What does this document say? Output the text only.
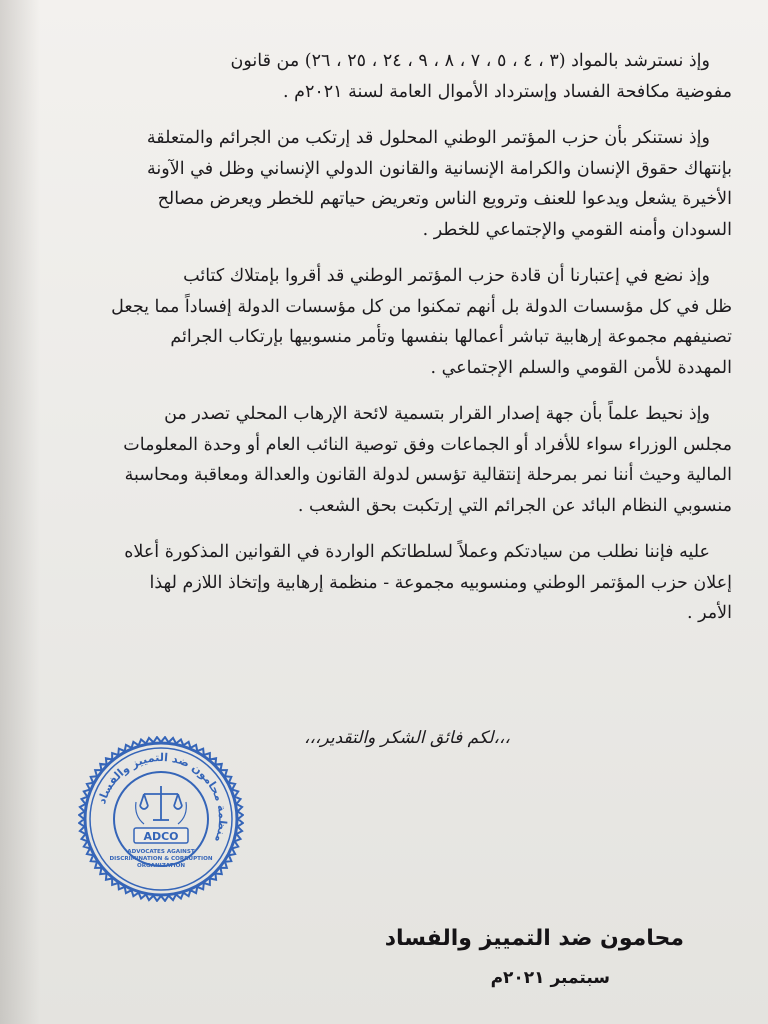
وإذ نسترشد بالمواد (٣ ، ٤ ، ٥ ، ٧ ، ٨ ، ٩ ، ٢٤ ، ٢٥ ، ٢٦) من قانون
مفوضية مكافحة الفساد وإسترداد الأموال العامة لسنة ٢٠٢١م .
وإذ نستنكر بأن حزب المؤتمر الوطني المحلول قد إرتكب من الجرائم والمتعلقة
بإنتهاك حقوق الإنسان والكرامة الإنسانية والقانون الدولي الإنساني وظل في الآونة
الأخيرة يشعل ويدعوا للعنف وترويع الناس وتعريض حياتهم للخطر ويعرض مصالح
السودان وأمنه القومي والإجتماعي للخطر .
وإذ نضع في إعتبارنا أن قادة حزب المؤتمر الوطني قد أقروا بإمتلاك كتائب
ظل في كل مؤسسات الدولة بل أنهم تمكنوا من كل مؤسسات الدولة إفساداً مما يجعل
تصنيفهم مجموعة إرهابية تباشر أعمالها بنفسها وتأمر منسوبيها بإرتكاب الجرائم
المهددة للأمن القومي والسلم الإجتماعي .
وإذ نحيط علماً بأن جهة إصدار القرار بتسمية لائحة الإرهاب المحلي تصدر من
مجلس الوزراء سواء للأفراد أو الجماعات وفق توصية النائب العام أو وحدة المعلومات
المالية وحيث أننا نمر بمرحلة إنتقالية تؤسس لدولة القانون والعدالة ومعاقبة ومحاسبة
منسوبي النظام البائد عن الجرائم التي إرتكبت بحق الشعب .
عليه فإننا نطلب من سيادتكم وعملاً لسلطاتكم الواردة في القوانين المذكورة أعلاه
إعلان حزب المؤتمر الوطني ومنسوبيه مجموعة - منظمة إرهابية وإتخاذ اللازم لهذا
الأمر .
،،،لكم فائق الشكر والتقدير،،،
منظمة محامون ضد التمييز والفساد
ADCO
ADVOCATES AGAINST
DISCRIMINATION & CORRUPTION
ORGANIZATION
محامون ضد التمييز والفساد
سبتمبر ٢٠٢١م
